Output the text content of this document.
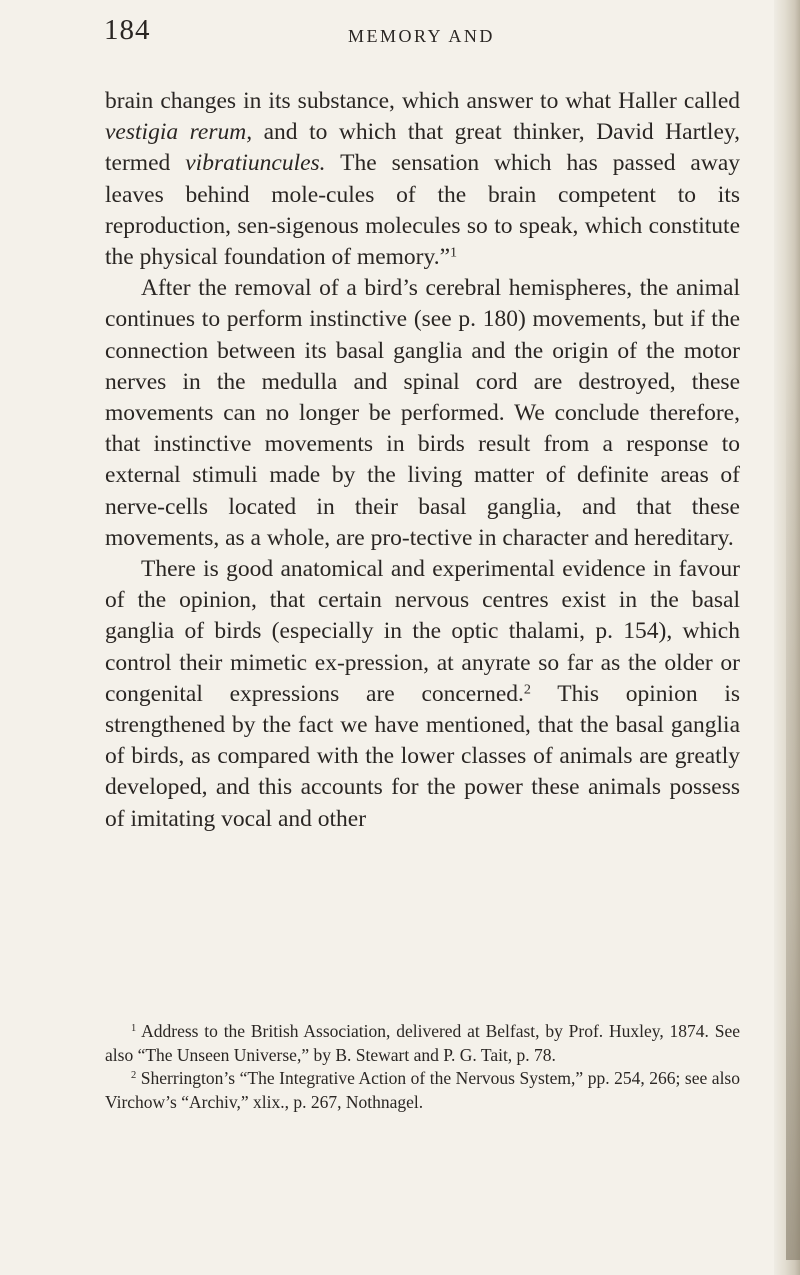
184	MEMORY AND

brain changes in its substance, which answer to what Haller called vestigia rerum, and to which that great thinker, David Hartley, termed vibratiuncules. The sensation which has passed away leaves behind mole-cules of the brain competent to its reproduction, sen-sigenous molecules so to speak, which constitute the physical foundation of memory.”$^1$

After the removal of a bird’s cerebral hemispheres, the animal continues to perform instinctive (see p. 180) movements, but if the connection between its basal ganglia and the origin of the motor nerves in the medulla and spinal cord are destroyed, these movements can no longer be performed. We conclude therefore, that instinctive movements in birds result from a response to external stimuli made by the living matter of definite areas of nerve-cells located in their basal ganglia, and that these movements, as a whole, are pro-tective in character and hereditary.

There is good anatomical and experimental evidence in favour of the opinion, that certain nervous centres exist in the basal ganglia of birds (especially in the optic thalami, p. 154), which control their mimetic ex-pression, at anyrate so far as the older or congenital expressions are concerned.$^2$ This opinion is strengthened by the fact we have mentioned, that the basal ganglia of birds, as compared with the lower classes of animals are greatly developed, and this accounts for the power these animals possess of imitating vocal and other

$^1$ Address to the British Association, delivered at Belfast, by Prof. Huxley, 1874. See also “The Unseen Universe,” by B. Stewart and P. G. Tait, p. 78.

$^2$ Sherrington’s “The Integrative Action of the Nervous System,” pp. 254, 266; see also Virchow’s “Archiv,” xlix., p. 267, Nothnagel.
